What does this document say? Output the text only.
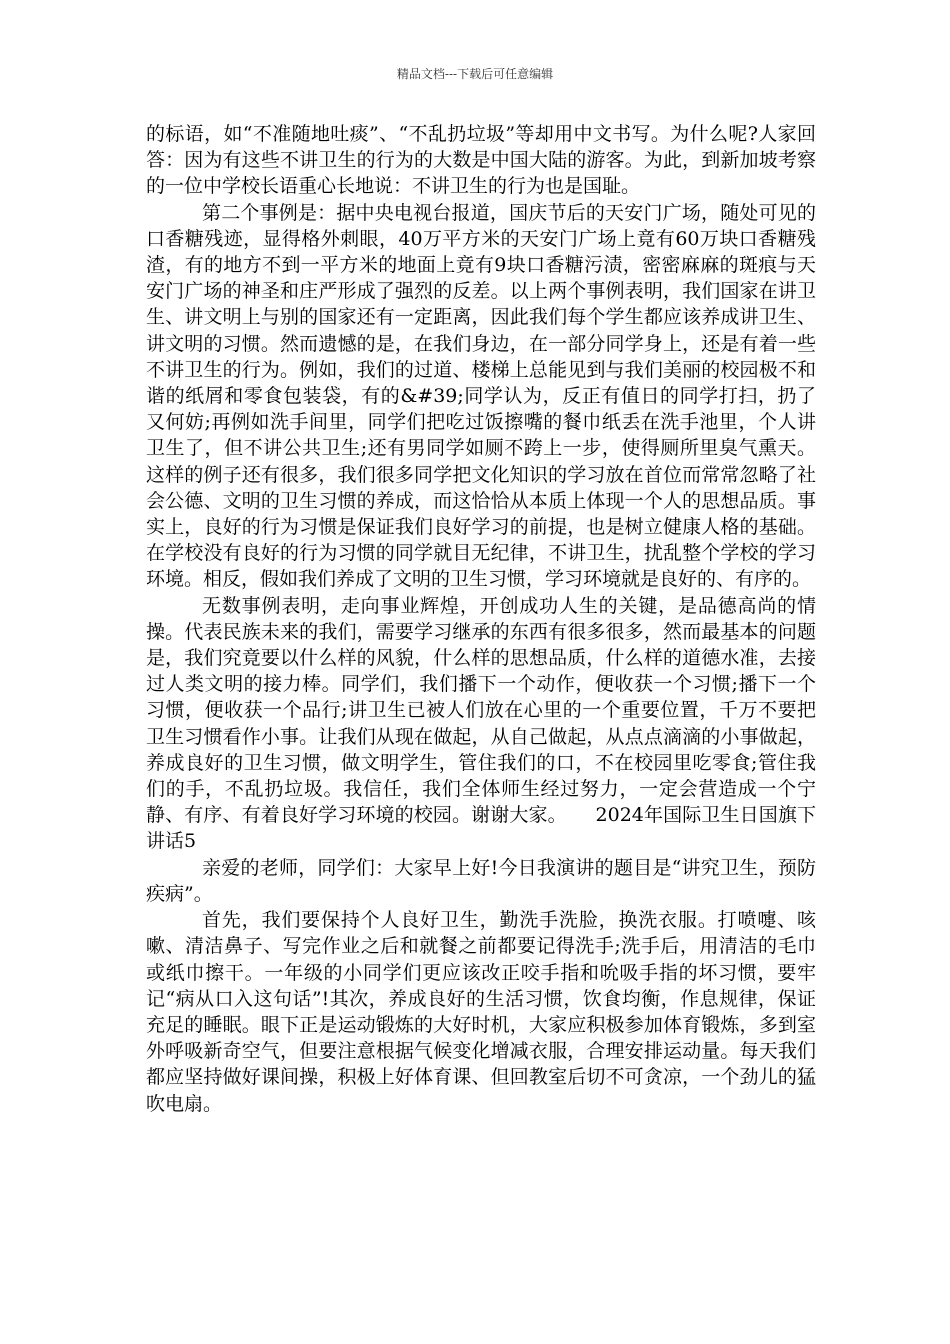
精品文档---下载后可任意编辑

的标语，如“不准随地吐痰”、“不乱扔垃圾”等却用中文书写。为什么呢?人家回答：因为有这些不讲卫生的行为的大数是中国大陆的游客。为此，到新加坡考察的一位中学校长语重心长地说：不讲卫生的行为也是国耻。

第二个事例是：据中央电视台报道，国庆节后的天安门广场，随处可见的口香糖残迹，显得格外刺眼，40万平方米的天安门广场上竟有60万块口香糖残渣，有的地方不到一平方米的地面上竟有9块口香糖污渍，密密麻麻的斑痕与天安门广场的神圣和庄严形成了强烈的反差。以上两个事例表明，我们国家在讲卫生、讲文明上与别的国家还有一定距离，因此我们每个学生都应该养成讲卫生、讲文明的习惯。然而遗憾的是，在我们身边，在一部分同学身上，还是有着一些不讲卫生的行为。例如，我们的过道、楼梯上总能见到与我们美丽的校园极不和谐的纸屑和零食包装袋，有的&#39;同学认为，反正有值日的同学打扫，扔了又何妨;再例如洗手间里，同学们把吃过饭擦嘴的餐巾纸丢在洗手池里，个人讲卫生了，但不讲公共卫生;还有男同学如厕不跨上一步，使得厕所里臭气熏天。这样的例子还有很多，我们很多同学把文化知识的学习放在首位而常常忽略了社会公德、文明的卫生习惯的养成，而这恰恰从本质上体现一个人的思想品质。事实上，良好的行为习惯是保证我们良好学习的前提，也是树立健康人格的基础。在学校没有良好的行为习惯的同学就目无纪律，不讲卫生，扰乱整个学校的学习环境。相反，假如我们养成了文明的卫生习惯，学习环境就是良好的、有序的。

无数事例表明，走向事业辉煌，开创成功人生的关键，是品德高尚的情操。代表民族未来的我们，需要学习继承的东西有很多很多，然而最基本的问题是，我们究竟要以什么样的风貌，什么样的思想品质，什么样的道德水准，去接过人类文明的接力棒。同学们，我们播下一个动作，便收获一个习惯;播下一个习惯，便收获一个品行;讲卫生已被人们放在心里的一个重要位置，千万不要把卫生习惯看作小事。让我们从现在做起，从自己做起，从点点滴滴的小事做起，养成良好的卫生习惯，做文明学生，管住我们的口，不在校园里吃零食;管住我们的手，不乱扔垃圾。我信任，我们全体师生经过努力，一定会营造成一个宁静、有序、有着良好学习环境的校园。谢谢大家。　　2024年国际卫生日国旗下讲话5

亲爱的老师，同学们：大家早上好!今日我演讲的题目是“讲究卫生，预防疾病”。

首先，我们要保持个人良好卫生，勤洗手洗脸，换洗衣服。打喷嚏、咳嗽、清洁鼻子、写完作业之后和就餐之前都要记得洗手;洗手后，用清洁的毛巾或纸巾擦干。一年级的小同学们更应该改正咬手指和吮吸手指的坏习惯，要牢记“病从口入这句话”!其次，养成良好的生活习惯，饮食均衡，作息规律，保证充足的睡眠。眼下正是运动锻炼的大好时机，大家应积极参加体育锻炼，多到室外呼吸新奇空气，但要注意根据气候变化增减衣服，合理安排运动量。每天我们都应坚持做好课间操，积极上好体育课、但回教室后切不可贪凉，一个劲儿的猛吹电扇。
